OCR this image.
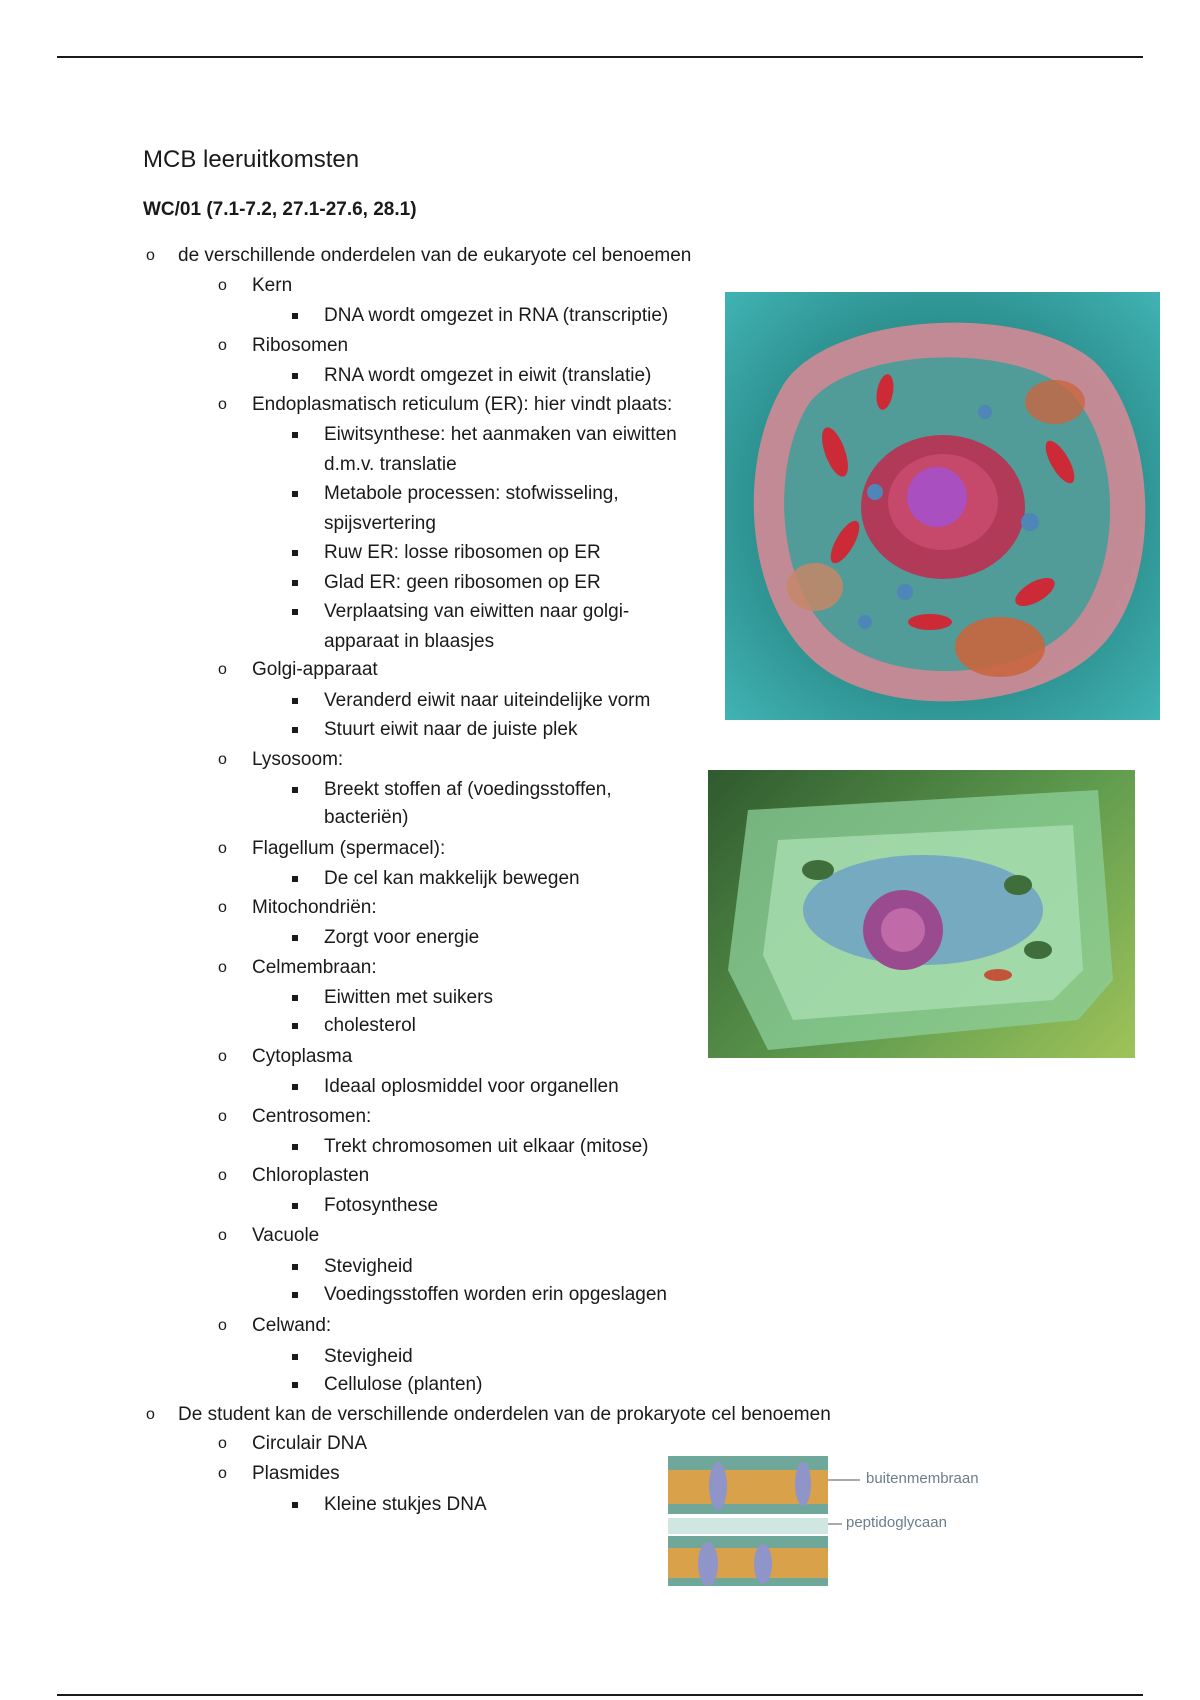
MCB leeruitkomsten
WC/01 (7.1-7.2, 27.1-27.6, 28.1)
o de verschillende onderdelen van de eukaryote cel benoemen
o Kern
DNA wordt omgezet in RNA (transcriptie)
o Ribosomen
RNA wordt omgezet in eiwit (translatie)
o Endoplasmatisch reticulum (ER): hier vindt plaats:
Eiwitsynthese: het aanmaken van eiwitten
d.m.v. translatie
Metabole processen: stofwisseling,
spijsvertering
Ruw ER: losse ribosomen op ER
Glad ER: geen ribosomen op ER
Verplaatsing van eiwitten naar golgi-
apparaat in blaasjes
o Golgi-apparaat
Veranderd eiwit naar uiteindelijke vorm
Stuurt eiwit naar de juiste plek
o Lysosoom:
Breekt stoffen af (voedingsstoffen,
bacteriën)
o Flagellum (spermacel):
De cel kan makkelijk bewegen
o Mitochondriën:
Zorgt voor energie
o Celmembraan:
Eiwitten met suikers
cholesterol
o Cytoplasma
Ideaal oplosmiddel voor organellen
o Centrosomen:
Trekt chromosomen uit elkaar (mitose)
o Chloroplasten
Fotosynthese
o Vacuole
Stevigheid
Voedingsstoffen worden erin opgeslagen
o Celwand:
Stevigheid
Cellulose (planten)
o De student kan de verschillende onderdelen van de prokaryote cel benoemen
o Circulair DNA
o Plasmides
Kleine stukjes DNA
buitenmembraan
peptidoglycaan
